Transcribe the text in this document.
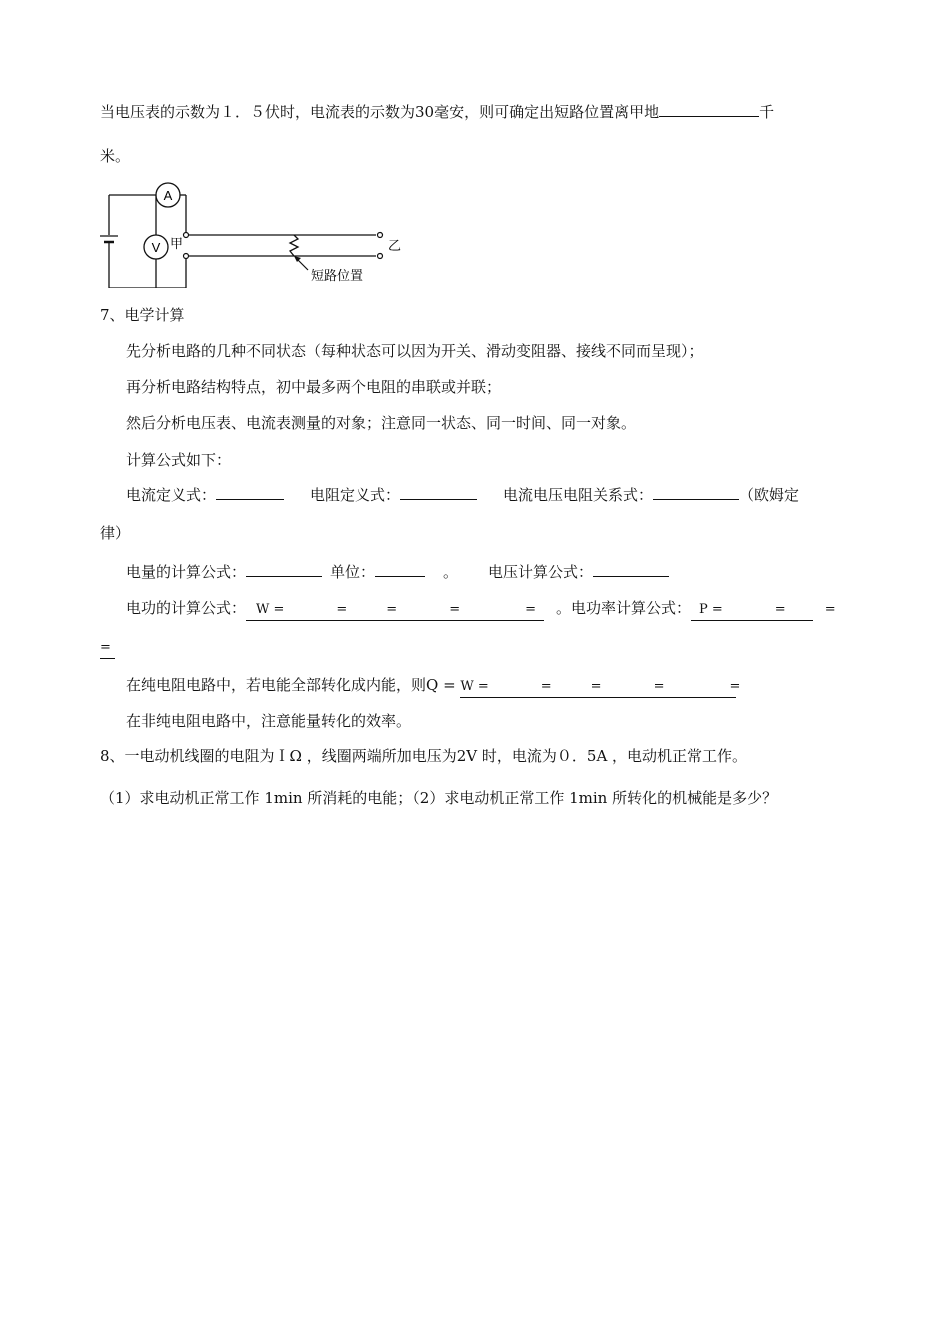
当电压表的示数为１．５伏时，电流表的示数为30毫安，则可确定出短路位置离甲地	千
米。
A
V 甲	乙
短路位置
7、电学计算
先分析电路的几种不同状态（每种状态可以因为开关、滑动变阻器、接线不同而呈现）；
再分析电路结构特点，初中最多两个电阻的串联或并联；
然后分析电压表、电流表测量的对象；注意同一状态、同一时间、同一对象。
计算公式如下：
电流定义式：	电阻定义式：	电流电压电阻关系式：	（欧姆定
律）
电量的计算公式：	单位：	。 电压计算公式：
电功的计算公式： W =　　　　=　　　=　　　　=　　　　　= 。电功率计算公式： P =　　　　=　　　=
=
在纯电阻电路中，若电能全部转化成内能，则Q = W =　　　　=　　　=　　　　=　　　　　=
在非纯电阻电路中，注意能量转化的效率。
8、一电动机线圈的电阻为ＩΩ ，线圈两端所加电压为2V 时，电流为０．5A ，电动机正常工作。
（1）求电动机正常工作 1min 所消耗的电能；（2）求电动机正常工作 1min 所转化的机械能是多少？
